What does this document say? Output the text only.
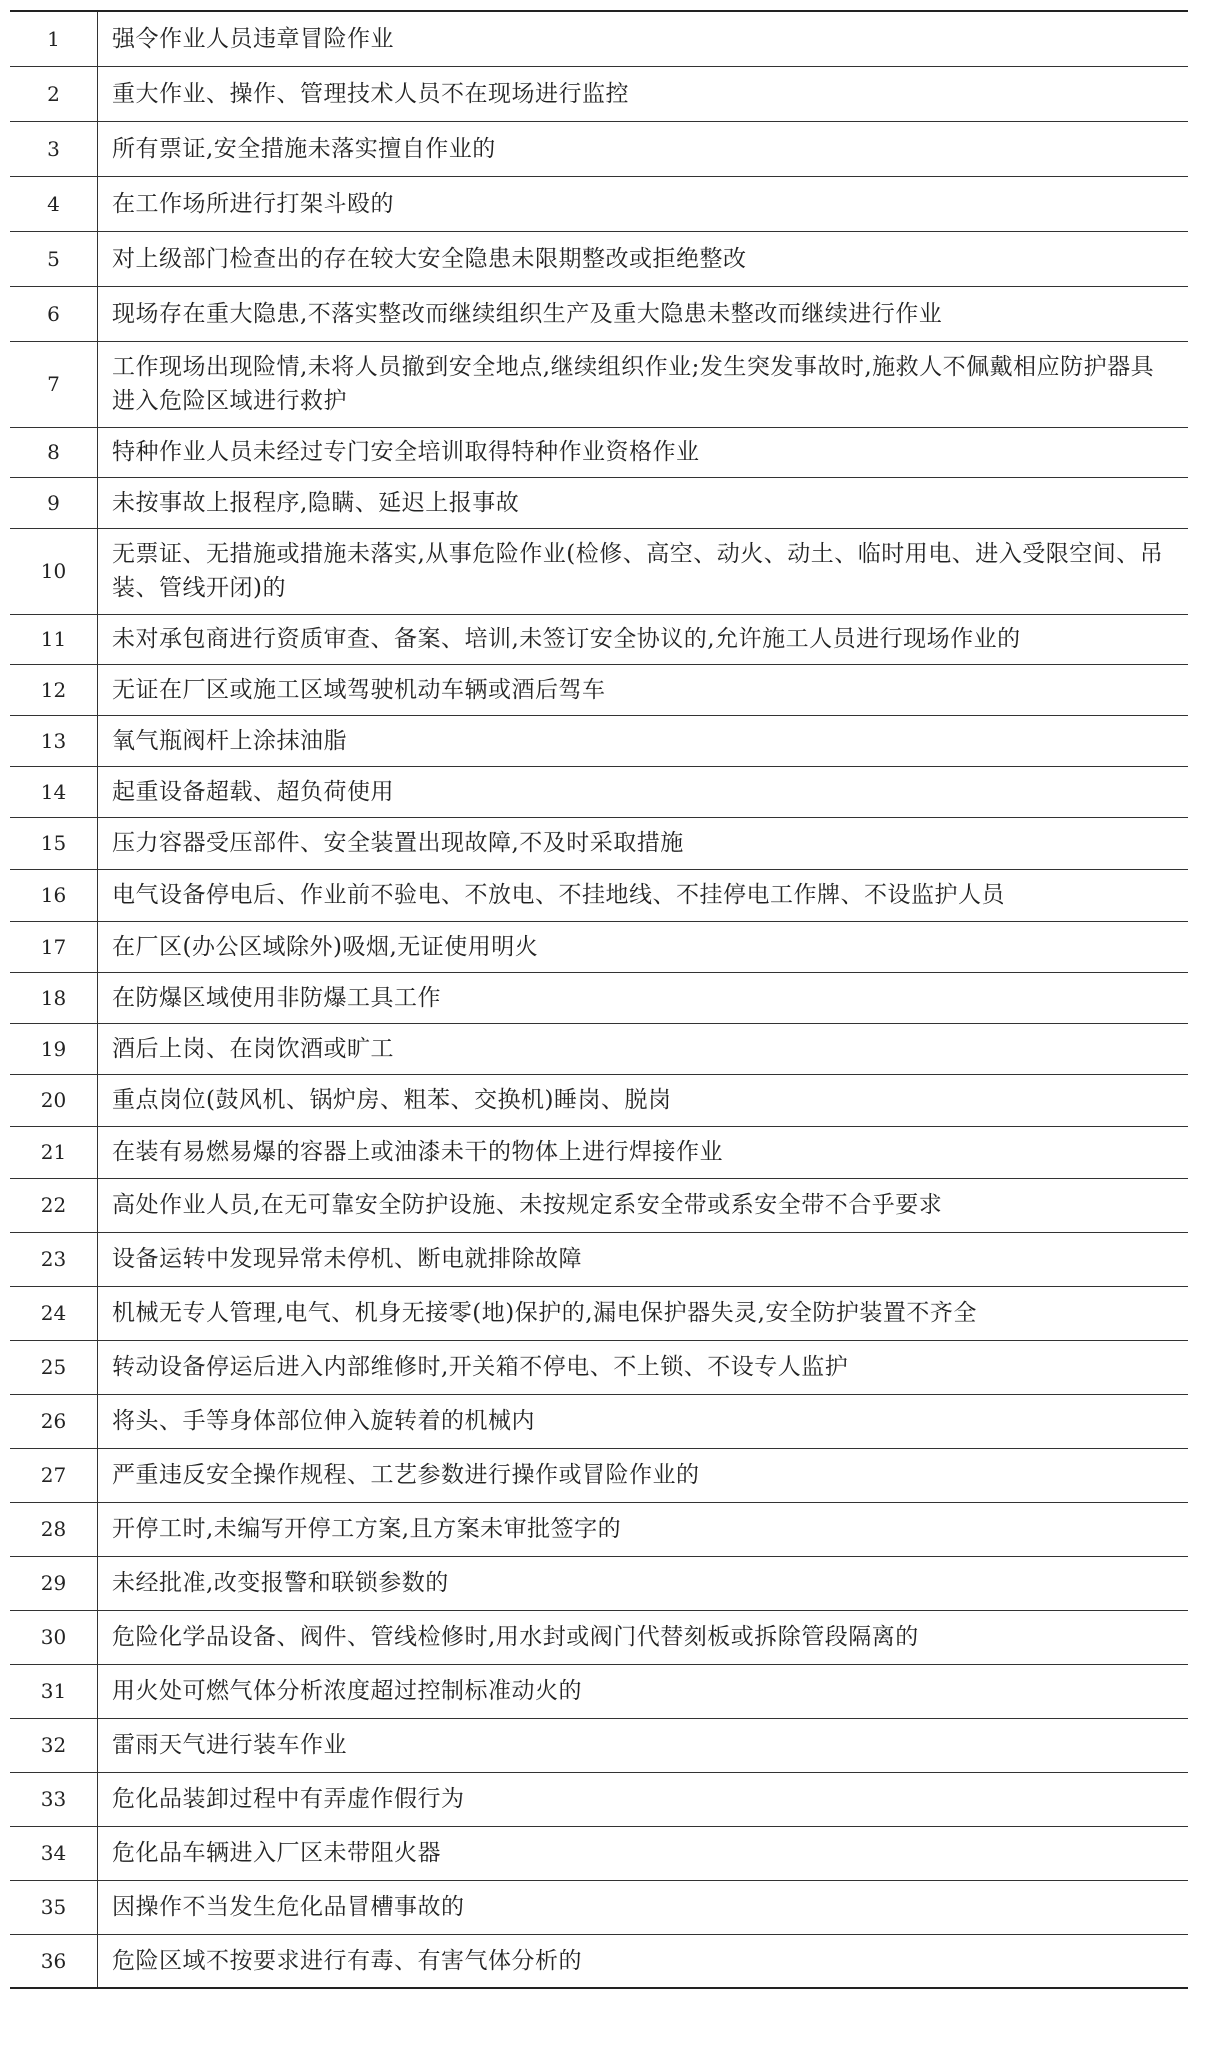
1	强令作业人员违章冒险作业
2	重大作业、操作、管理技术人员不在现场进行监控
3	所有票证,安全措施未落实擅自作业的
4	在工作场所进行打架斗殴的
5	对上级部门检查出的存在较大安全隐患未限期整改或拒绝整改
6	现场存在重大隐患,不落实整改而继续组织生产及重大隐患未整改而继续进行作业
7	工作现场出现险情,未将人员撤到安全地点,继续组织作业;发生突发事故时,施救人不佩戴相应防护器具进入危险区域进行救护
8	特种作业人员未经过专门安全培训取得特种作业资格作业
9	未按事故上报程序,隐瞒、延迟上报事故
10	无票证、无措施或措施未落实,从事危险作业(检修、高空、动火、动土、临时用电、进入受限空间、吊装、管线开闭)的
11	未对承包商进行资质审查、备案、培训,未签订安全协议的,允许施工人员进行现场作业的
12	无证在厂区或施工区域驾驶机动车辆或酒后驾车
13	氧气瓶阀杆上涂抹油脂
14	起重设备超载、超负荷使用
15	压力容器受压部件、安全装置出现故障,不及时采取措施
16	电气设备停电后、作业前不验电、不放电、不挂地线、不挂停电工作牌、不设监护人员
17	在厂区(办公区域除外)吸烟,无证使用明火
18	在防爆区域使用非防爆工具工作
19	酒后上岗、在岗饮酒或旷工
20	重点岗位(鼓风机、锅炉房、粗苯、交换机)睡岗、脱岗
21	在装有易燃易爆的容器上或油漆未干的物体上进行焊接作业
22	高处作业人员,在无可靠安全防护设施、未按规定系安全带或系安全带不合乎要求
23	设备运转中发现异常未停机、断电就排除故障
24	机械无专人管理,电气、机身无接零(地)保护的,漏电保护器失灵,安全防护装置不齐全
25	转动设备停运后进入内部维修时,开关箱不停电、不上锁、不设专人监护
26	将头、手等身体部位伸入旋转着的机械内
27	严重违反安全操作规程、工艺参数进行操作或冒险作业的
28	开停工时,未编写开停工方案,且方案未审批签字的
29	未经批准,改变报警和联锁参数的
30	危险化学品设备、阀件、管线检修时,用水封或阀门代替刻板或拆除管段隔离的
31	用火处可燃气体分析浓度超过控制标准动火的
32	雷雨天气进行装车作业
33	危化品装卸过程中有弄虚作假行为
34	危化品车辆进入厂区未带阻火器
35	因操作不当发生危化品冒槽事故的
36	危险区域不按要求进行有毒、有害气体分析的
